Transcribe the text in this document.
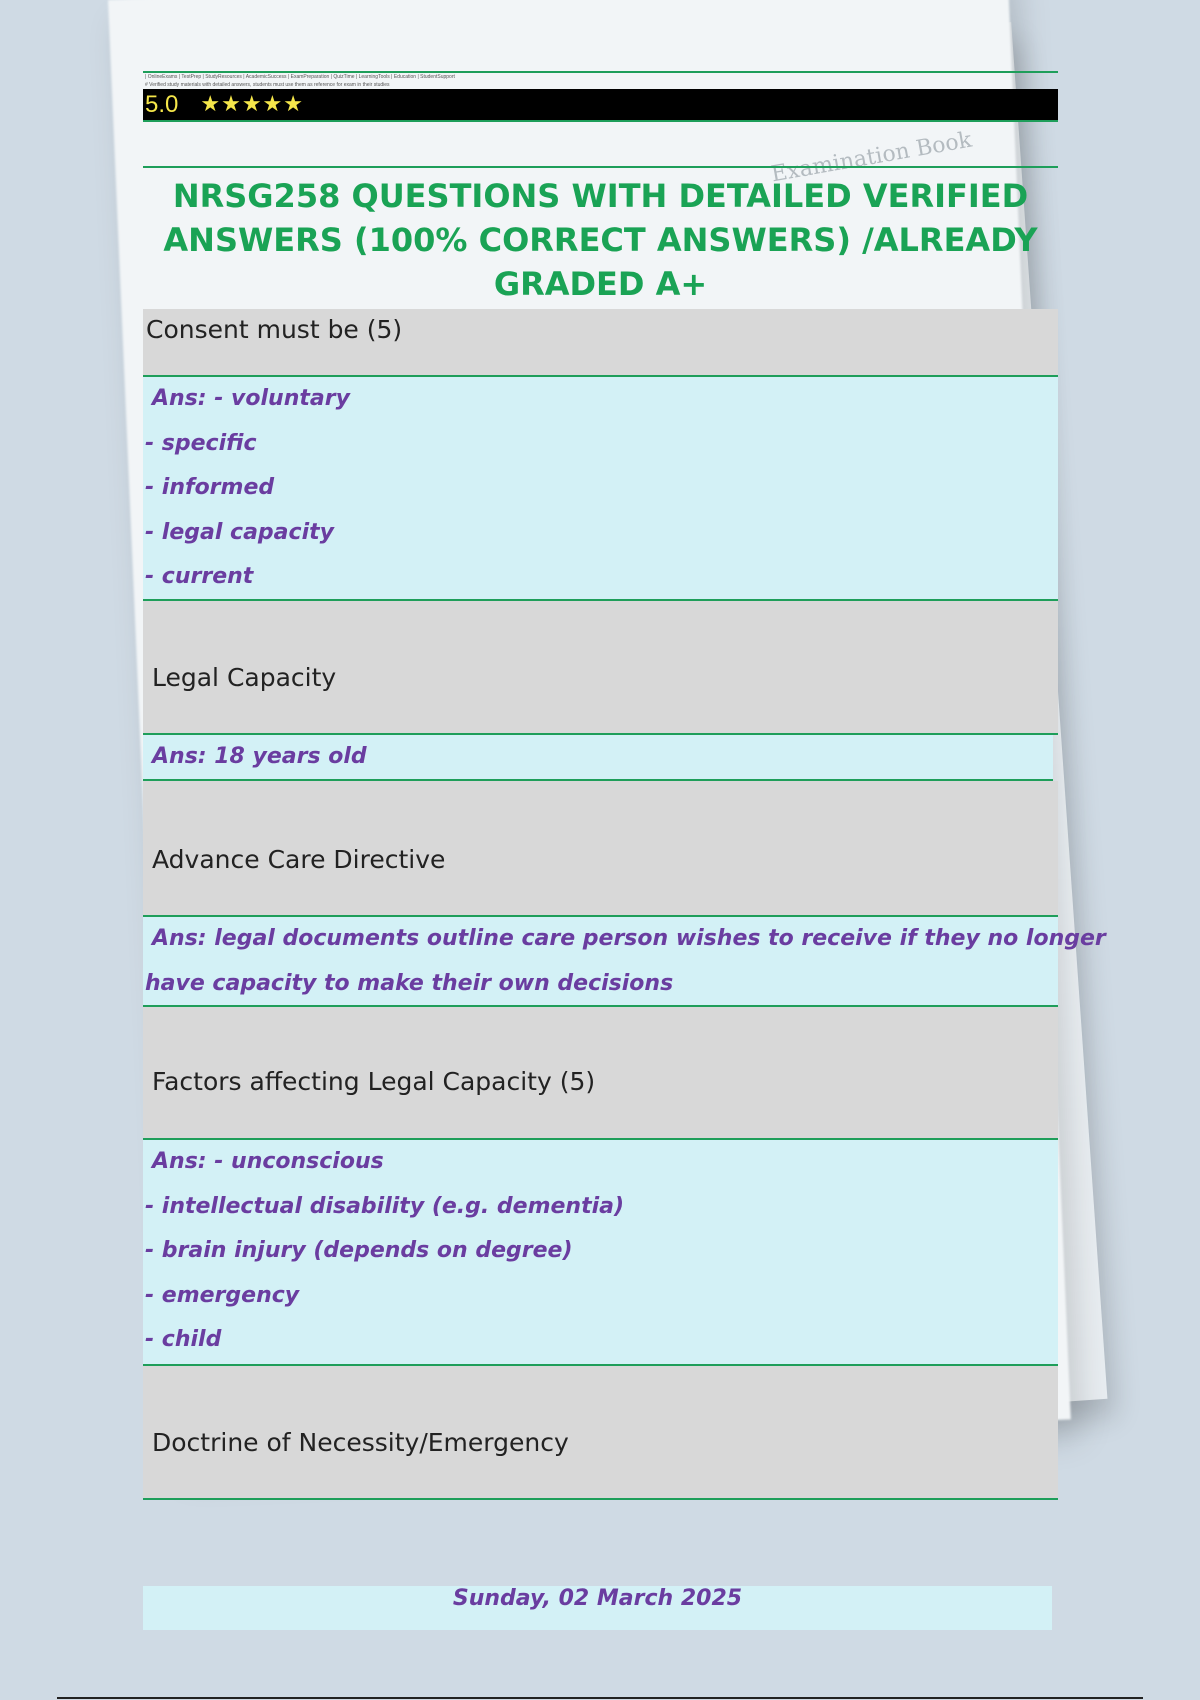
Examination Book
| OnlineExams | TestPrep | StudyResources | AcademicSuccess | ExamPreparation | QuizTime | LearningTools | Education | StudentSupport
# Verified study materials with detailed answers, students must use them as reference for exam in their studies
5.0 ★★★★★
NRSG258 QUESTIONS WITH DETAILED VERIFIED
ANSWERS (100% CORRECT ANSWERS) /ALREADY
GRADED A+
Consent must be (5)
Ans: - voluntary
- specific
- informed
- legal capacity
- current
Legal Capacity
Ans: 18 years old
Advance Care Directive
Ans: legal documents outline care person wishes to receive if they no longer
have capacity to make their own decisions
Factors affecting Legal Capacity (5)
Ans: - unconscious
- intellectual disability (e.g. dementia)
- brain injury (depends on degree)
- emergency
- child
Doctrine of Necessity/Emergency
Sunday, 02 March 2025
